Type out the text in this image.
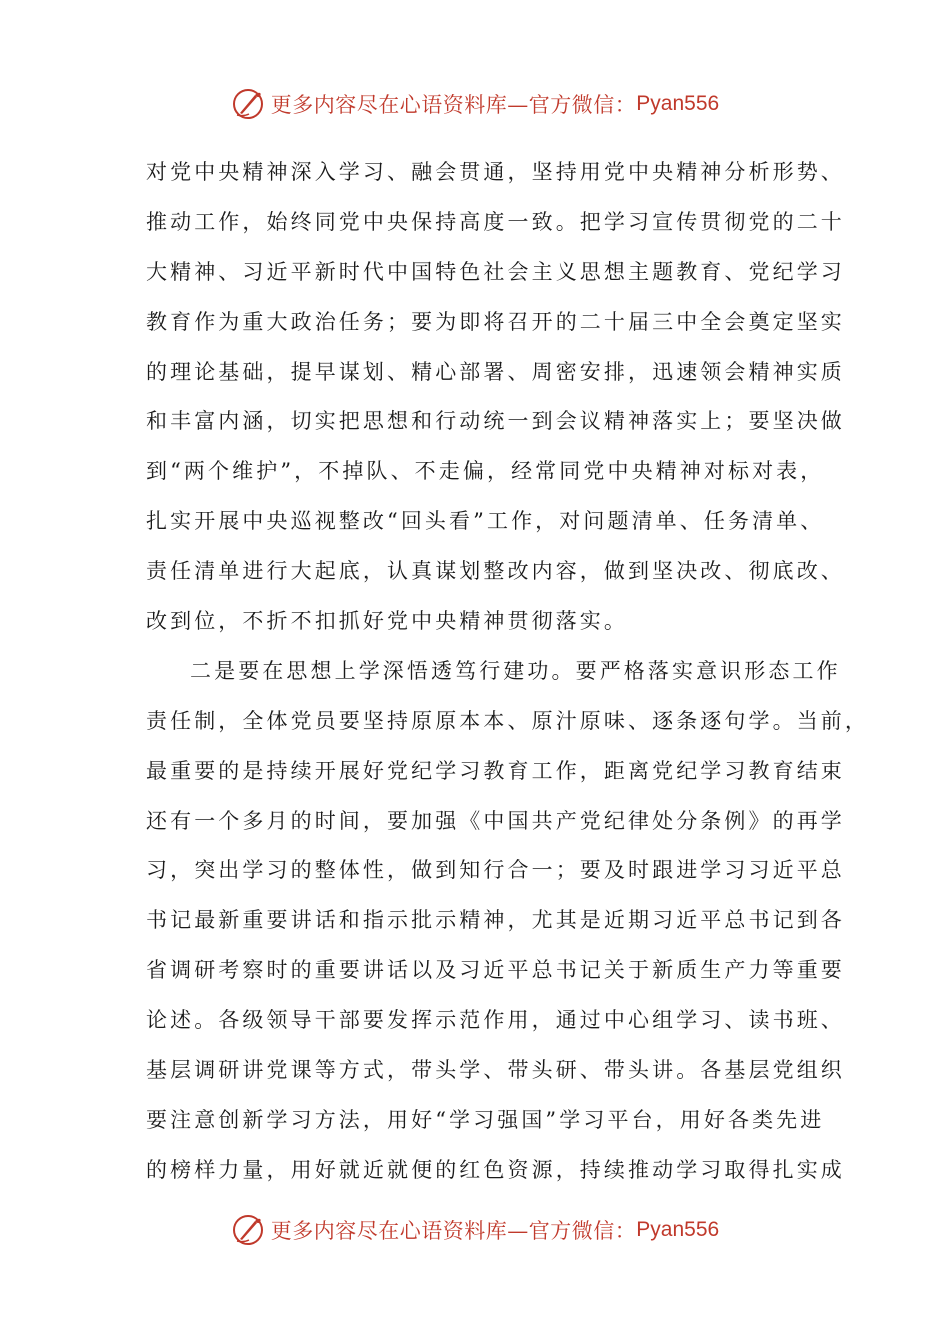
更多内容尽在心语资料库—官方微信： Pyan556
对党中央精神深入学习、融会贯通，坚持用党中央精神分析形势、
推动工作，始终同党中央保持高度一致。把学习宣传贯彻党的二十
大精神、习近平新时代中国特色社会主义思想主题教育、党纪学习
教育作为重大政治任务；要为即将召开的二十届三中全会奠定坚实
的理论基础，提早谋划、精心部署、周密安排，迅速领会精神实质
和丰富内涵，切实把思想和行动统一到会议精神落实上；要坚决做
到“两个维护”，不掉队、不走偏，经常同党中央精神对标对表，
扎实开展中央巡视整改“回头看”工作，对问题清单、任务清单、
责任清单进行大起底，认真谋划整改内容，做到坚决改、彻底改、
改到位，不折不扣抓好党中央精神贯彻落实。
二是要在思想上学深悟透笃行建功。要严格落实意识形态工作
责任制，全体党员要坚持原原本本、原汁原味、逐条逐句学。当前，
最重要的是持续开展好党纪学习教育工作，距离党纪学习教育结束
还有一个多月的时间，要加强《中国共产党纪律处分条例》的再学
习，突出学习的整体性，做到知行合一；要及时跟进学习习近平总
书记最新重要讲话和指示批示精神，尤其是近期习近平总书记到各
省调研考察时的重要讲话以及习近平总书记关于新质生产力等重要
论述。各级领导干部要发挥示范作用，通过中心组学习、读书班、
基层调研讲党课等方式，带头学、带头研、带头讲。各基层党组织
要注意创新学习方法，用好“学习强国”学习平台，用好各类先进
的榜样力量，用好就近就便的红色资源，持续推动学习取得扎实成
更多内容尽在心语资料库—官方微信： Pyan556
